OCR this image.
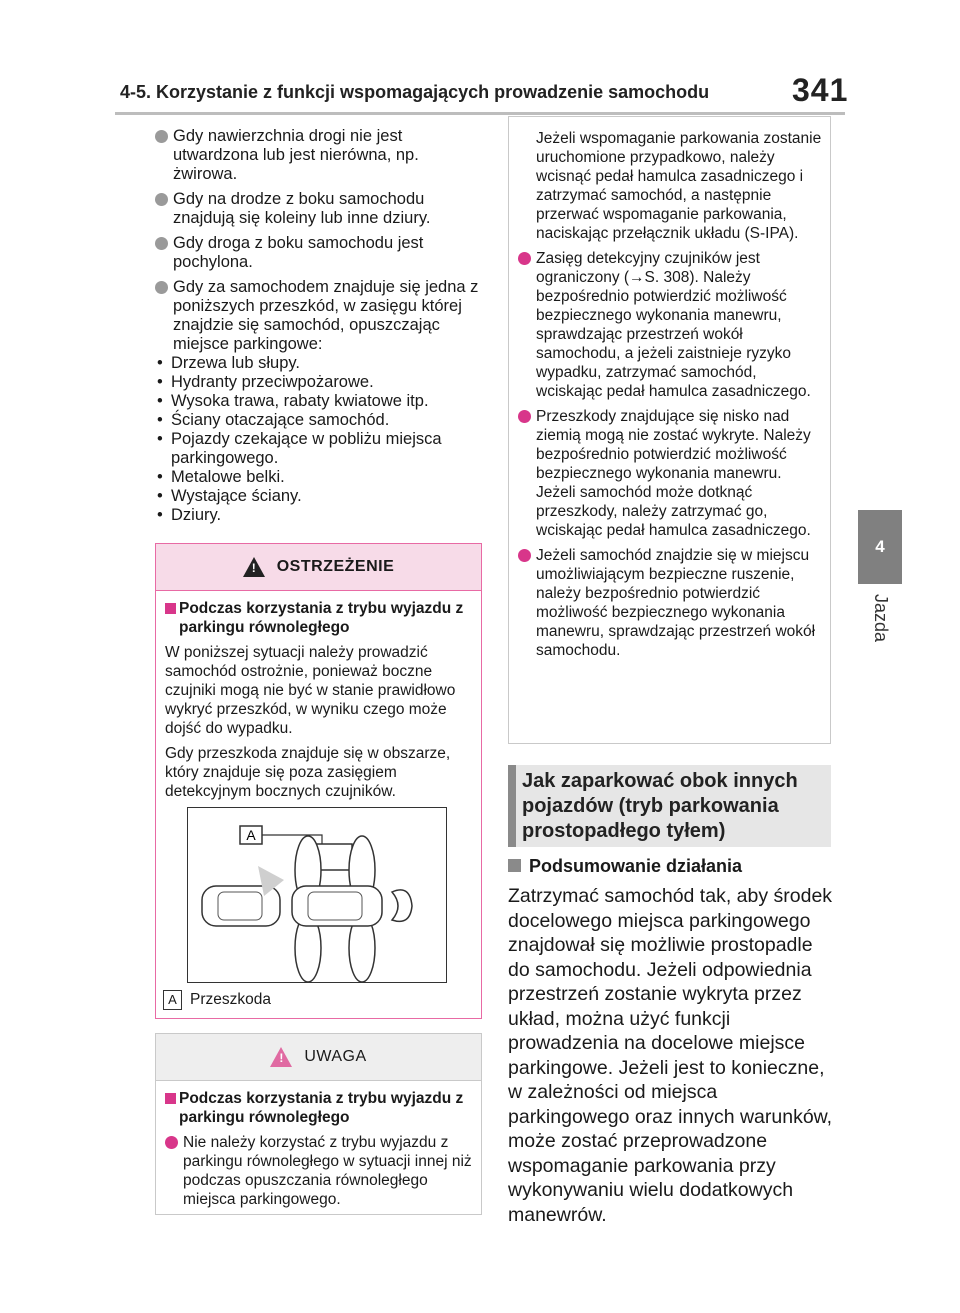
4-5. Korzystanie z funkcji wspomagających prowadzenie samochodu	341
4
Jazda
Gdy nawierzchnia drogi nie jest utwardzona lub jest nierówna, np. żwirowa.
Gdy na drodze z boku samochodu znajdują się koleiny lub inne dziury.
Gdy droga z boku samochodu jest pochylona.
Gdy za samochodem znajduje się jedna z poniższych przeszkód, w zasięgu której znajdzie się samochód, opuszczając miejsce parkingowe:
• Drzewa lub słupy.
• Hydranty przeciwpożarowe.
• Wysoka trawa, rabaty kwiatowe itp.
• Ściany otaczające samochód.
• Pojazdy czekające w pobliżu miejsca parkingowego.
• Metalowe belki.
• Wystające ściany.
• Dziury.
! OSTRZEŻENIE
Podczas korzystania z trybu wyjazdu z parkingu równoległego
W poniższej sytuacji należy prowadzić samochód ostrożnie, ponieważ boczne czujniki mogą nie być w stanie prawidłowo wykryć przeszkód, w wyniku czego może dojść do wypadku.
Gdy przeszkoda znajduje się w obszarze, który znajduje się poza zasięgiem detekcyjnym bocznych czujników.
A
A Przeszkoda
! UWAGA
Podczas korzystania z trybu wyjazdu z parkingu równoległego
Nie należy korzystać z trybu wyjazdu z parkingu równoległego w sytuacji innej niż podczas opuszczania równoległego miejsca parkingowego.
Jeżeli wspomaganie parkowania zostanie uruchomione przypadkowo, należy wcisnąć pedał hamulca zasadniczego i zatrzymać samochód, a następnie przerwać wspomaganie parkowania, naciskając przełącznik układu (S-IPA).
Zasięg detekcyjny czujników jest ograniczony (→S. 308). Należy bezpośrednio potwierdzić możliwość bezpiecznego wykonania manewru, sprawdzając przestrzeń wokół samochodu, a jeżeli zaistnieje ryzyko wypadku, zatrzymać samochód, wciskając pedał hamulca zasadniczego.
Przeszkody znajdujące się nisko nad ziemią mogą nie zostać wykryte. Należy bezpośrednio potwierdzić możliwość bezpiecznego wykonania manewru. Jeżeli samochód może dotknąć przeszkody, należy zatrzymać go, wciskając pedał hamulca zasadniczego.
Jeżeli samochód znajdzie się w miejscu umożliwiającym bezpieczne ruszenie, należy bezpośrednio potwierdzić możliwość bezpiecznego wykonania manewru, sprawdzając przestrzeń wokół samochodu.
Jak zaparkować obok innych pojazdów (tryb parkowania prostopadłego tyłem)
Podsumowanie działania
Zatrzymać samochód tak, aby środek docelowego miejsca parkingowego znajdował się możliwie prostopadle do samochodu. Jeżeli odpowiednia przestrzeń zostanie wykryta przez układ, można użyć funkcji prowadzenia na docelowe miejsce parkingowe. Jeżeli jest to konieczne, w zależności od miejsca parkingowego oraz innych warunków, może zostać przeprowadzone wspomaganie parkowania przy wykonywaniu wielu dodatkowych manewrów.
